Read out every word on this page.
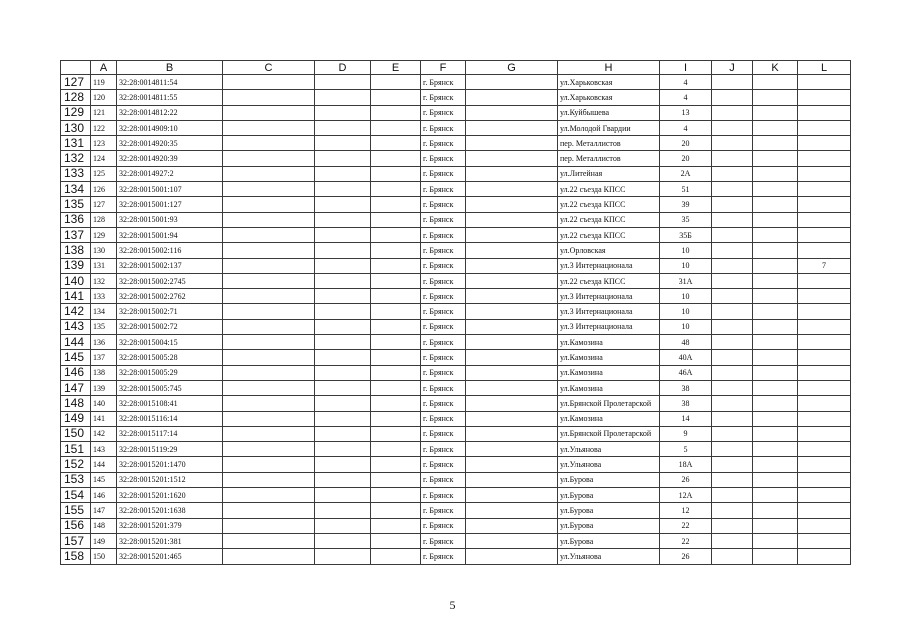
	A	B	C	D	E	F	G	H	I	J	K	L
127	119	32:28:0014811:54				г. Брянск		ул.Харьковская	4			
128	120	32:28:0014811:55				г. Брянск		ул.Харьковская	4			
129	121	32:28:0014812:22				г. Брянск		ул.Куйбышева	13			
130	122	32:28:0014909:10				г. Брянск		ул.Молодой Гвардии	4			
131	123	32:28:0014920:35				г. Брянск		пер. Металлистов	20			
132	124	32:28:0014920:39				г. Брянск		пер. Металлистов	20			
133	125	32:28:0014927:2				г. Брянск		ул.Литейная	2А			
134	126	32:28:0015001:107				г. Брянск		ул.22 съезда КПСС	51			
135	127	32:28:0015001:127				г. Брянск		ул.22 съезда КПСС	39			
136	128	32:28:0015001:93				г. Брянск		ул.22 съезда КПСС	35			
137	129	32:28:0015001:94				г. Брянск		ул.22 съезда КПСС	35Б			
138	130	32:28:0015002:116				г. Брянск		ул.Орловская	10			
139	131	32:28:0015002:137				г. Брянск		ул.3 Интернационала	10			7
140	132	32:28:0015002:2745				г. Брянск		ул.22 съезда КПСС	31А			
141	133	32:28:0015002:2762				г. Брянск		ул.3 Интернационала	10			
142	134	32:28:0015002:71				г. Брянск		ул.3 Интернационала	10			
143	135	32:28:0015002:72				г. Брянск		ул.3 Интернационала	10			
144	136	32:28:0015004:15				г. Брянск		ул.Камозина	48			
145	137	32:28:0015005:28				г. Брянск		ул.Камозина	40А			
146	138	32:28:0015005:29				г. Брянск		ул.Камозина	46А			
147	139	32:28:0015005:745				г. Брянск		ул.Камозина	38			
148	140	32:28:0015108:41				г. Брянск		ул.Брянской Пролетарской	38			
149	141	32:28:0015116:14				г. Брянск		ул.Камозина	14			
150	142	32:28:0015117:14				г. Брянск		ул.Брянской Пролетарской	9			
151	143	32:28:0015119:29				г. Брянск		ул.Ульянова	5			
152	144	32:28:0015201:1470				г. Брянск		ул.Ульянова	18А			
153	145	32:28:0015201:1512				г. Брянск		ул.Бурова	26			
154	146	32:28:0015201:1620				г. Брянск		ул.Бурова	12А			
155	147	32:28:0015201:1638				г. Брянск		ул.Бурова	12			
156	148	32:28:0015201:379				г. Брянск		ул.Бурова	22			
157	149	32:28:0015201:381				г. Брянск		ул.Бурова	22			
158	150	32:28:0015201:465				г. Брянск		ул.Ульянова	26			
5
